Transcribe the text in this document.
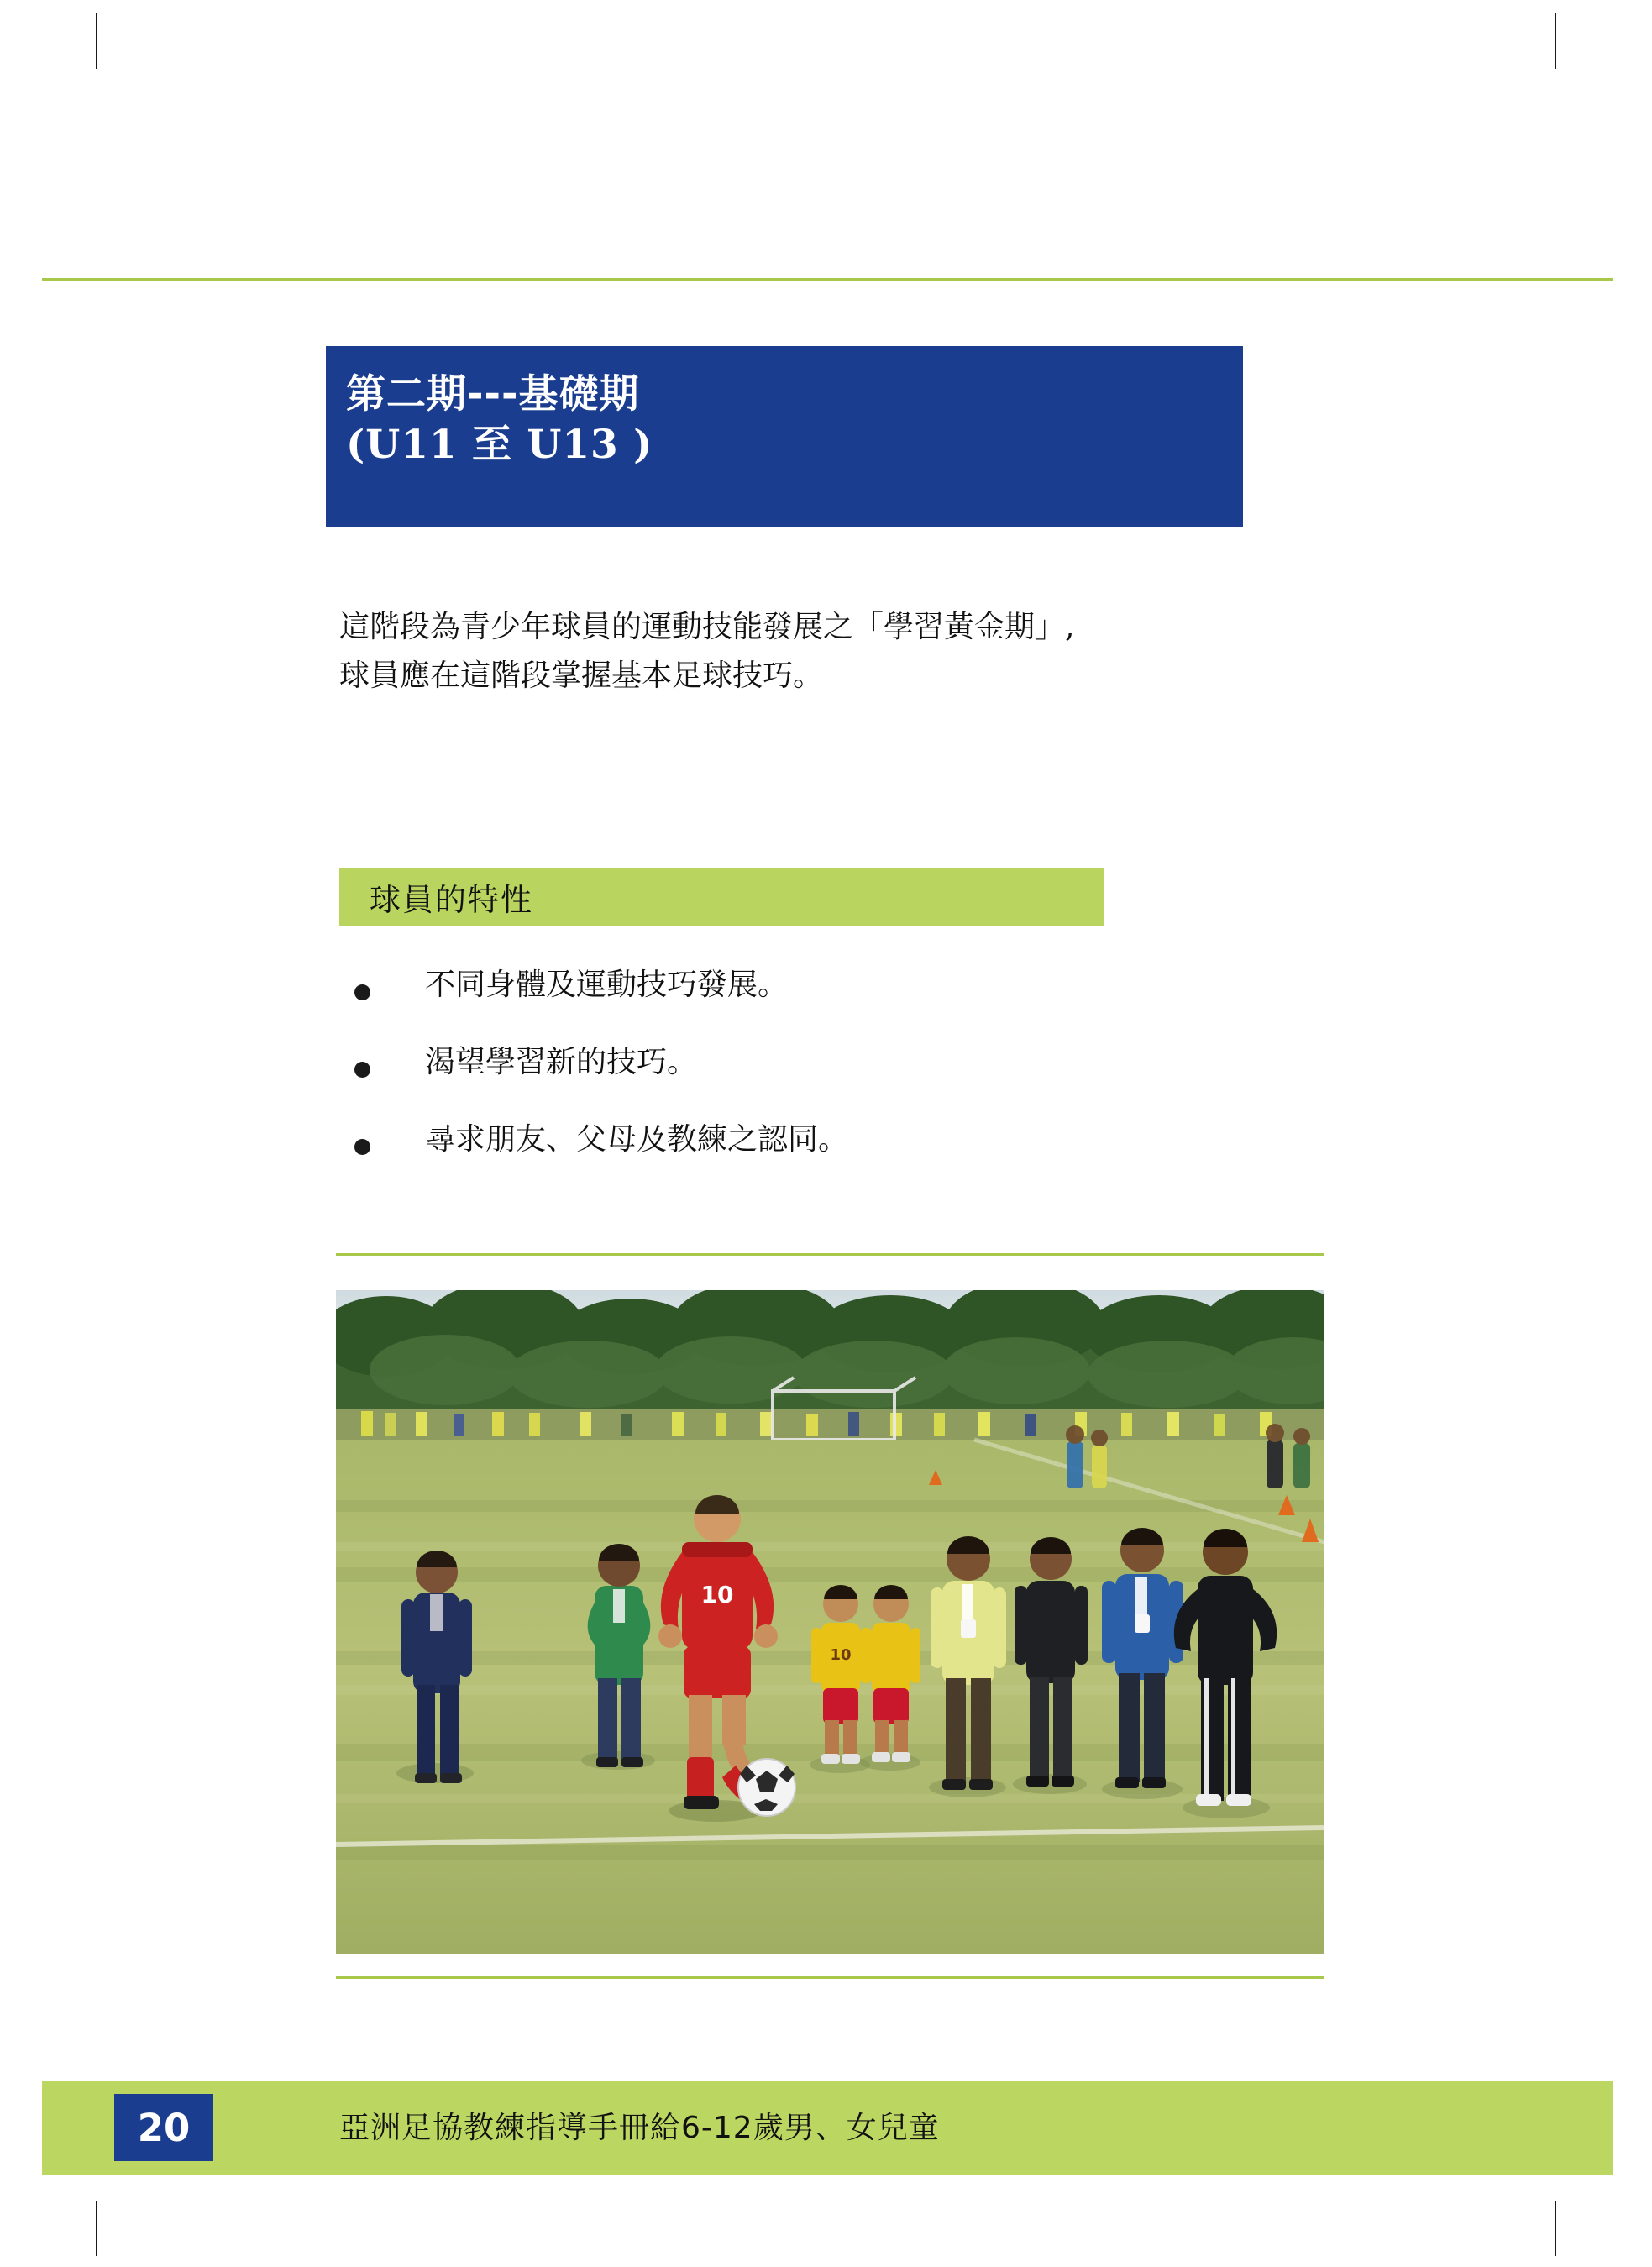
第二期---基礎期
(U11 至 U13 )
這階段為青少年球員的運動技能發展之「學習黃金期」,
球員應在這階段掌握基本足球技巧。
球員的特性
不同身體及運動技巧發展。
渴望學習新的技巧。
尋求朋友、父母及教練之認同。
10
10
20	亞洲足協教練指導手冊給6-12歲男、女兒童
